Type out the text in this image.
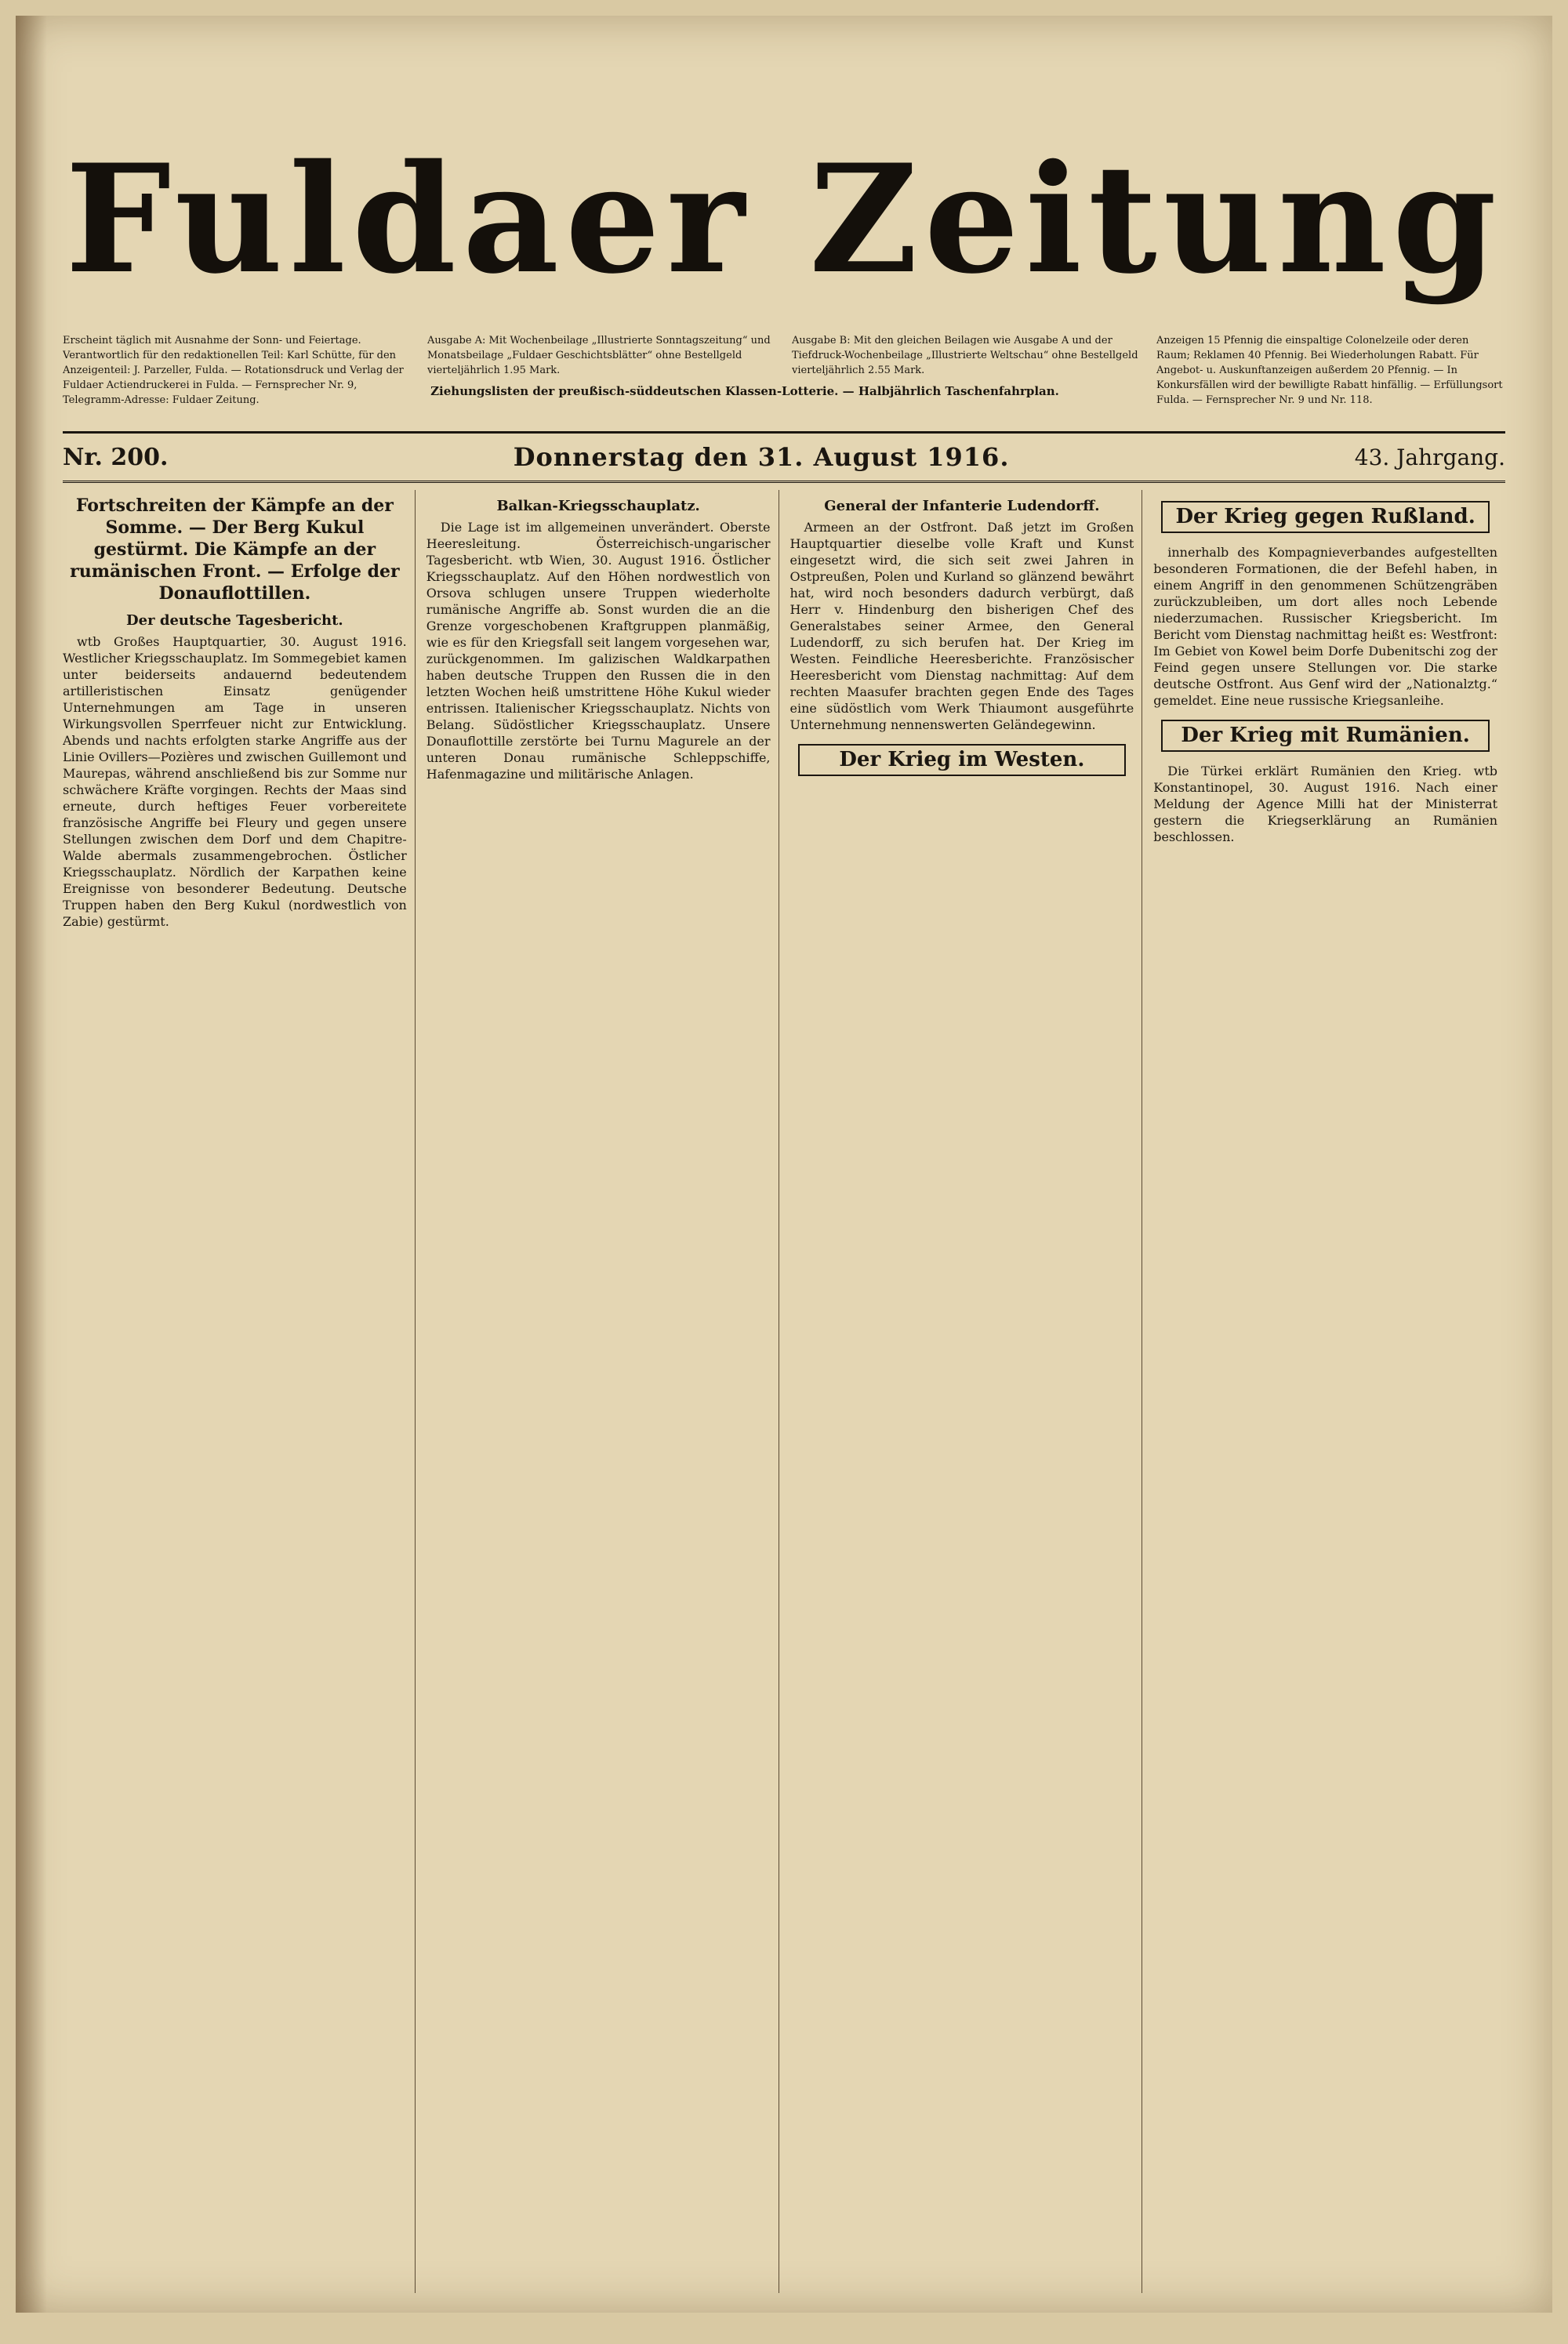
Fuldaer Zeitung
Erscheint täglich mit Ausnahme der Sonn- und Feiertage. Verantwortlich für den redaktionellen Teil: Karl Schütte, für den Anzeigenteil: J. Parzeller, Fulda. — Rotationsdruck und Verlag der Fuldaer Actiendruckerei in Fulda. — Fernsprecher Nr. 9, Telegramm-Adresse: Fuldaer Zeitung.
Ausgabe A: Mit Wochenbeilage „Illustrierte Sonntagszeitung“ und Monatsbeilage „Fuldaer Geschichtsblätter“ ohne Bestellgeld vierteljährlich 1.95 Mark.
Ausgabe B: Mit den gleichen Beilagen wie Ausgabe A und der Tiefdruck-Wochenbeilage „Illustrierte Weltschau“ ohne Bestellgeld vierteljährlich 2.55 Mark.
Anzeigen 15 Pfennig die einspaltige Colonelzeile oder deren Raum; Reklamen 40 Pfennig. Bei Wiederholungen Rabatt. Für Angebot- u. Auskunftanzeigen außerdem 20 Pfennig. — In Konkursfällen wird der bewilligte Rabatt hinfällig. — Erfüllungsort Fulda. — Fernsprecher Nr. 9 und Nr. 118.
Ziehungslisten der preußisch-süddeutschen Klassen-Lotterie. — Halbjährlich Taschenfahrplan.
Nr. 200.	Donnerstag den 31. August 1916.	43. Jahrgang.
Fortschreiten der Kämpfe an der Somme. — Der Berg Kukul gestürmt. Die Kämpfe an der rumänischen Front. — Erfolge der Donauflottillen.
Der deutsche Tagesbericht.
wtb Großes Hauptquartier, 30. August 1916. Westlicher Kriegsschauplatz. Im Sommegebiet kamen unter beiderseits andauernd bedeutendem artilleristischen Einsatz genügender Unternehmungen am Tage in unseren Wirkungsvollen Sperrfeuer nicht zur Entwicklung. Abends und nachts erfolgten starke Angriffe aus der Linie Ovillers—Pozières und zwischen Guillemont und Maurepas, während anschließend bis zur Somme nur schwächere Kräfte vorgingen. Rechts der Maas sind erneute, durch heftiges Feuer vorbereitete französische Angriffe bei Fleury und gegen unsere Stellungen zwischen dem Dorf und dem Chapitre-Walde abermals zusammengebrochen. Östlicher Kriegsschauplatz. Nördlich der Karpathen keine Ereignisse von besonderer Bedeutung. Deutsche Truppen haben den Berg Kukul (nordwestlich von Zabie) gestürmt.
Balkan-Kriegsschauplatz.
Die Lage ist im allgemeinen unverändert. Oberste Heeresleitung. Österreichisch-ungarischer Tagesbericht. wtb Wien, 30. August 1916. Östlicher Kriegsschauplatz. Auf den Höhen nordwestlich von Orsova schlugen unsere Truppen wiederholte rumänische Angriffe ab. Sonst wurden die an die Grenze vorgeschobenen Kraftgruppen planmäßig, wie es für den Kriegsfall seit langem vorgesehen war, zurückgenommen. Im galizischen Waldkarpathen haben deutsche Truppen den Russen die in den letzten Wochen heiß umstrittene Höhe Kukul wieder entrissen. Italienischer Kriegsschauplatz. Nichts von Belang. Südöstlicher Kriegsschauplatz. Unsere Donauflottille zerstörte bei Turnu Magurele an der unteren Donau rumänische Schleppschiffe, Hafenmagazine und militärische Anlagen.
General der Infanterie Ludendorff.
Armeen an der Ostfront. Daß jetzt im Großen Hauptquartier dieselbe volle Kraft und Kunst eingesetzt wird, die sich seit zwei Jahren in Ostpreußen, Polen und Kurland so glänzend bewährt hat, wird noch besonders dadurch verbürgt, daß Herr v. Hindenburg den bisherigen Chef des Generalstabes seiner Armee, den General Ludendorff, zu sich berufen hat. Der Krieg im Westen. Feindliche Heeresberichte. Französischer Heeresbericht vom Dienstag nachmittag: Auf dem rechten Maasufer brachten gegen Ende des Tages eine südöstlich vom Werk Thiaumont ausgeführte Unternehmung nennenswerten Geländegewinn.
Der Krieg im Westen.
Der Krieg gegen Rußland.
innerhalb des Kompagnieverbandes aufgestellten besonderen Formationen, die der Befehl haben, in einem Angriff in den genommenen Schützengräben zurückzubleiben, um dort alles noch Lebende niederzumachen. Russischer Kriegsbericht. Im Bericht vom Dienstag nachmittag heißt es: Westfront: Im Gebiet von Kowel beim Dorfe Dubenitschi zog der Feind gegen unsere Stellungen vor. Die starke deutsche Ostfront. Aus Genf wird der „Nationalztg.“ gemeldet. Eine neue russische Kriegsanleihe.
Der Krieg mit Rumänien.
Die Türkei erklärt Rumänien den Krieg. wtb Konstantinopel, 30. August 1916. Nach einer Meldung der Agence Milli hat der Ministerrat gestern die Kriegserklärung an Rumänien beschlossen.
